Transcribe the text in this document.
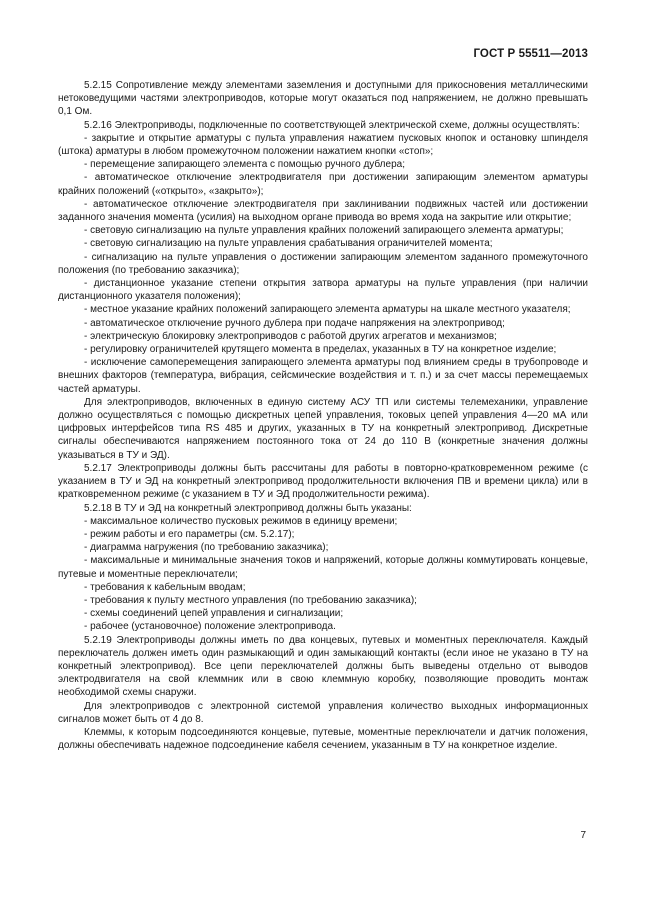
ГОСТ Р 55511—2013

5.2.15 Сопротивление между элементами заземления и доступными для прикосновения металлическими нетоковедущими частями электроприводов, которые могут оказаться под напряжением, не должно превышать 0,1 Ом.

5.2.16 Электроприводы, подключенные по соответствующей электрической схеме, должны осуществлять:

- закрытие и открытие арматуры с пульта управления нажатием пусковых кнопок и остановку шпинделя (штока) арматуры в любом промежуточном положении нажатием кнопки «стоп»;

- перемещение запирающего элемента с помощью ручного дублера;

- автоматическое отключение электродвигателя при достижении запирающим элементом арматуры крайних положений («открыто», «закрыто»);

- автоматическое отключение электродвигателя при заклинивании подвижных частей или достижении заданного значения момента (усилия) на выходном органе привода во время хода на закрытие или открытие;

- световую сигнализацию на пульте управления крайних положений запирающего элемента арматуры;

- световую сигнализацию на пульте управления срабатывания ограничителей момента;

- сигнализацию на пульте управления о достижении запирающим элементом заданного промежуточного положения (по требованию заказчика);

- дистанционное указание степени открытия затвора арматуры на пульте управления (при наличии дистанционного указателя положения);

- местное указание крайних положений запирающего элемента арматуры на шкале местного указателя;

- автоматическое отключение ручного дублера при подаче напряжения на электропривод;

- электрическую блокировку электроприводов с работой других агрегатов и механизмов;

- регулировку ограничителей крутящего момента в пределах, указанных в ТУ на конкретное изделие;

- исключение самоперемещения запирающего элемента арматуры под влиянием среды в трубопроводе и внешних факторов (температура, вибрация, сейсмические воздействия и т. п.) и за счет массы перемещаемых частей арматуры.

Для электроприводов, включенных в единую систему АСУ ТП или системы телемеханики, управление должно осуществляться с помощью дискретных цепей управления, токовых цепей управления 4—20 мА или цифровых интерфейсов типа RS 485 и других, указанных в ТУ на конкретный электропривод. Дискретные сигналы обеспечиваются напряжением постоянного тока от 24 до 110 В (конкретные значения должны указываться в ТУ и ЭД).

5.2.17 Электроприводы должны быть рассчитаны для работы в повторно-кратковременном режиме (с указанием в ТУ и ЭД на конкретный электропривод продолжительности включения ПВ и времени цикла) или в кратковременном режиме (с указанием в ТУ и ЭД продолжительности режима).

5.2.18 В ТУ и ЭД на конкретный электропривод должны быть указаны:

- максимальное количество пусковых режимов в единицу времени;

- режим работы и его параметры (см. 5.2.17);

- диаграмма нагружения (по требованию заказчика);

- максимальные и минимальные значения токов и напряжений, которые должны коммутировать концевые, путевые и моментные переключатели;

- требования к кабельным вводам;

- требования к пульту местного управления (по требованию заказчика);

- схемы соединений цепей управления и сигнализации;

- рабочее (установочное) положение электропривода.

5.2.19 Электроприводы должны иметь по два концевых, путевых и моментных переключателя. Каждый переключатель должен иметь один размыкающий и один замыкающий контакты (если иное не указано в ТУ на конкретный электропривод). Все цепи переключателей должны быть выведены отдельно от выводов электродвигателя на свой клеммник или в свою клеммную коробку, позволяющие проводить монтаж необходимой схемы снаружи.

Для электроприводов с электронной системой управления количество выходных информационных сигналов может быть от 4 до 8.

Клеммы, к которым подсоединяются концевые, путевые, моментные переключатели и датчик положения, должны обеспечивать надежное подсоединение кабеля сечением, указанным в ТУ на конкретное изделие.

7
